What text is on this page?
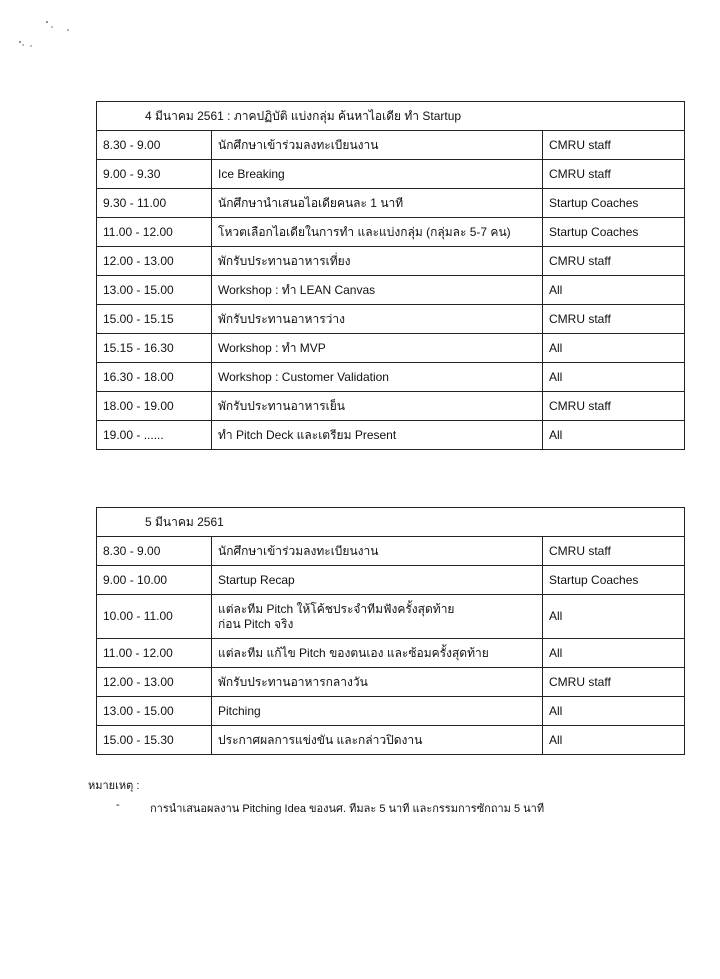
4 มีนาคม 2561 : ภาคปฏิบัติ แบ่งกลุ่ม ค้นหาไอเดีย ทำ Startup		
8.30 - 9.00	นักศึกษาเข้าร่วมลงทะเบียนงาน	CMRU staff
9.00 - 9.30	Ice Breaking	CMRU staff
9.30 - 11.00	นักศึกษานำเสนอไอเดียคนละ 1 นาที	Startup Coaches
11.00 - 12.00	โหวตเลือกไอเดียในการทำ และแบ่งกลุ่ม (กลุ่มละ 5-7 คน)	Startup Coaches
12.00 - 13.00	พักรับประทานอาหารเที่ยง	CMRU staff
13.00 - 15.00	Workshop : ทำ LEAN Canvas	All
15.00 - 15.15	พักรับประทานอาหารว่าง	CMRU staff
15.15 - 16.30	Workshop : ทำ MVP	All
16.30 - 18.00	Workshop : Customer Validation	All
18.00 - 19.00	พักรับประทานอาหารเย็น	CMRU staff
19.00 - ......	ทำ Pitch Deck และเตรียม Present	All
5 มีนาคม 2561		
8.30 - 9.00	นักศึกษาเข้าร่วมลงทะเบียนงาน	CMRU staff
9.00 - 10.00	Startup Recap	Startup Coaches
10.00 - 11.00	แต่ละทีม Pitch ให้โค้ชประจำทีมฟังครั้งสุดท้าย
ก่อน Pitch จริง	All
11.00 - 12.00	แต่ละทีม แก้ไข Pitch ของตนเอง และซ้อมครั้งสุดท้าย	All
12.00 - 13.00	พักรับประทานอาหารกลางวัน	CMRU staff
13.00 - 15.00	Pitching	All
15.00 - 15.30	ประกาศผลการแข่งขัน และกล่าวปิดงาน	All
หมายเหตุ :
-	การนำเสนอผลงาน Pitching Idea ของนศ. ทีมละ 5 นาที และกรรมการซักถาม 5 นาที
